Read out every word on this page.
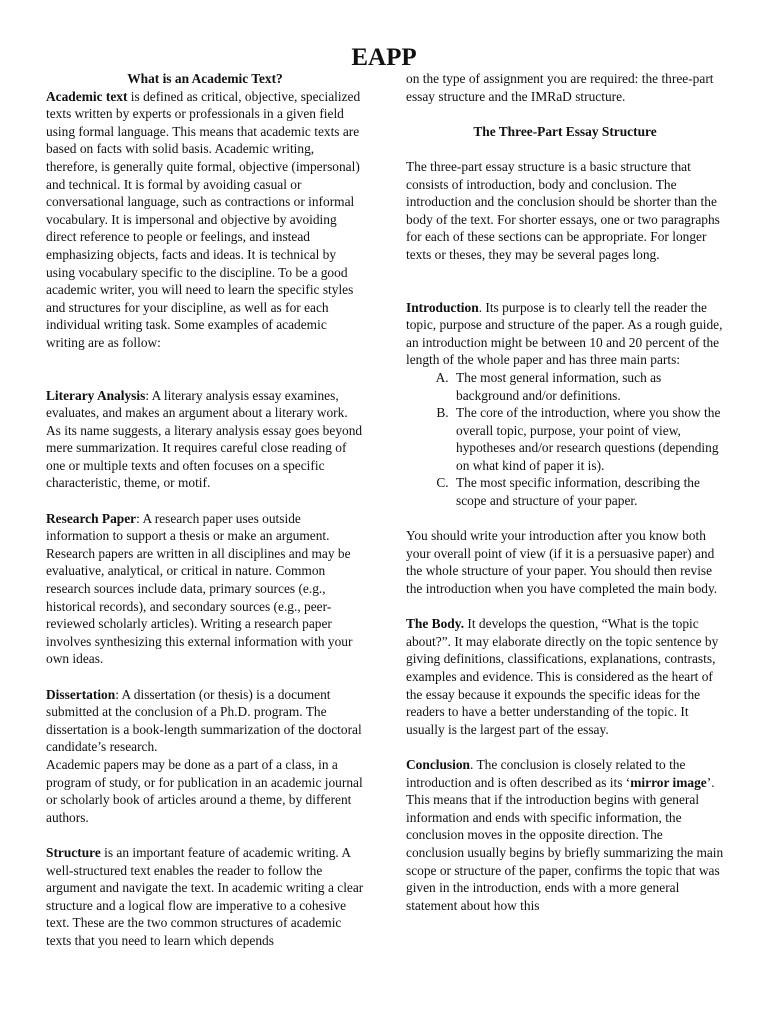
EAPP

What is an Academic Text?

Academic text is defined as critical, objective, specialized texts written by experts or professionals in a given field using formal language. This means that academic texts are based on facts with solid basis. Academic writing, therefore, is generally quite formal, objective (impersonal) and technical. It is formal by avoiding casual or conversational language, such as contractions or informal vocabulary. It is impersonal and objective by avoiding direct reference to people or feelings, and instead emphasizing objects, facts and ideas. It is technical by using vocabulary specific to the discipline. To be a good academic writer, you will need to learn the specific styles and structures for your discipline, as well as for each individual writing task. Some examples of academic writing are as follow:

Literary Analysis: A literary analysis essay examines, evaluates, and makes an argument about a literary work. As its name suggests, a literary analysis essay goes beyond mere summarization. It requires careful close reading of one or multiple texts and often focuses on a specific characteristic, theme, or motif.

Research Paper: A research paper uses outside information to support a thesis or make an argument. Research papers are written in all disciplines and may be evaluative, analytical, or critical in nature. Common research sources include data, primary sources (e.g., historical records), and secondary sources (e.g., peer-reviewed scholarly articles). Writing a research paper involves synthesizing this external information with your own ideas.

Dissertation: A dissertation (or thesis) is a document submitted at the conclusion of a Ph.D. program. The dissertation is a book-length summarization of the doctoral candidate’s research.

Academic papers may be done as a part of a class, in a program of study, or for publication in an academic journal or scholarly book of articles around a theme, by different authors.

Structure is an important feature of academic writing. A well-structured text enables the reader to follow the argument and navigate the text. In academic writing a clear structure and a logical flow are imperative to a cohesive text. These are the two common structures of academic texts that you need to learn which depends

on the type of assignment you are required: the three-part essay structure and the IMRaD structure.

The Three-Part Essay Structure

The three-part essay structure is a basic structure that consists of introduction, body and conclusion. The introduction and the conclusion should be shorter than the body of the text. For shorter essays, one or two paragraphs for each of these sections can be appropriate. For longer texts or theses, they may be several pages long.

Introduction. Its purpose is to clearly tell the reader the topic, purpose and structure of the paper. As a rough guide, an introduction might be between 10 and 20 percent of the length of the whole paper and has three main parts:

A. The most general information, such as background and/or definitions.
B. The core of the introduction, where you show the overall topic, purpose, your point of view, hypotheses and/or research questions (depending on what kind of paper it is).
C. The most specific information, describing the scope and structure of your paper.

You should write your introduction after you know both your overall point of view (if it is a persuasive paper) and the whole structure of your paper. You should then revise the introduction when you have completed the main body.

The Body. It develops the question, “What is the topic about?”. It may elaborate directly on the topic sentence by giving definitions, classifications, explanations, contrasts, examples and evidence. This is considered as the heart of the essay because it expounds the specific ideas for the readers to have a better understanding of the topic. It usually is the largest part of the essay.

Conclusion. The conclusion is closely related to the introduction and is often described as its ‘mirror image’. This means that if the introduction begins with general information and ends with specific information, the conclusion moves in the opposite direction. The conclusion usually begins by briefly summarizing the main scope or structure of the paper, confirms the topic that was given in the introduction, ends with a more general statement about how this
